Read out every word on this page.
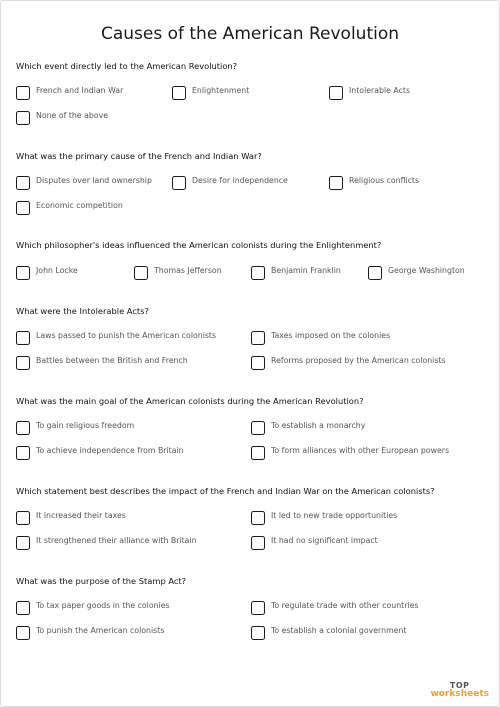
Causes of the American Revolution
Which event directly led to the American Revolution?
French and Indian War	Enlightenment	Intolerable Acts
None of the above
What was the primary cause of the French and Indian War?
Disputes over land ownership	Desire for independence	Religious conflicts
Economic competition
Which philosopher's ideas influenced the American colonists during the Enlightenment?
John Locke	Thomas Jefferson	Benjamin Franklin	George Washington
What were the Intolerable Acts?
Laws passed to punish the American colonists	Taxes imposed on the colonies
Battles between the British and French	Reforms proposed by the American colonists
What was the main goal of the American colonists during the American Revolution?
To gain religious freedom	To establish a monarchy
To achieve independence from Britain	To form alliances with other European powers
Which statement best describes the impact of the French and Indian War on the American colonists?
It increased their taxes	It led to new trade opportunities
It strengthened their alliance with Britain	It had no significant impact
What was the purpose of the Stamp Act?
To tax paper goods in the colonies	To regulate trade with other countries
To punish the American colonists	To establish a colonial government
TOP
worksheets
